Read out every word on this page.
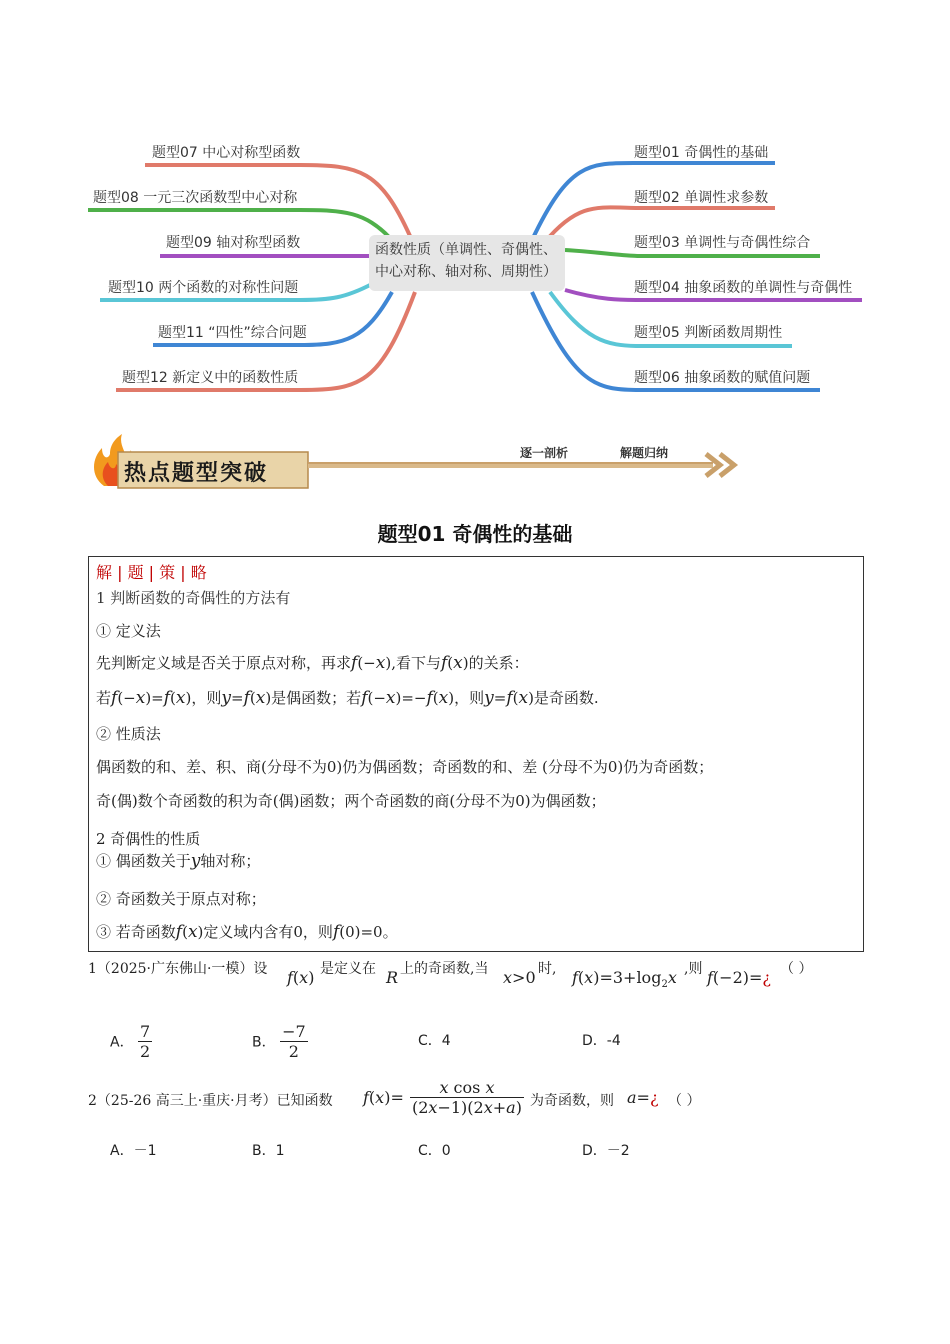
函数性质（单调性、奇偶性、中心对称、轴对称、周期性）
题型01 奇偶性的基础
题型02 单调性求参数
题型03 单调性与奇偶性综合
题型04 抽象函数的单调性与奇偶性
题型05 判断函数周期性
题型06 抽象函数的赋值问题
题型07 中心对称型函数
题型08 一元三次函数型中心对称
题型09 轴对称型函数
题型10 两个函数的对称性问题
题型11 “四性”综合问题
题型12 新定义中的函数性质
热点题型突破
逐一剖析	解题归纳
题型01 奇偶性的基础
解 | 题 | 策 | 略
1 判断函数的奇偶性的方法有
① 定义法
先判断定义域是否关于原点对称，再求f(−x),看下与f(x)的关系：
若f(−x)=f(x)，则y=f(x)是偶函数；若f(−x)=−f(x)，则y=f(x)是奇函数.
② 性质法
偶函数的和、差、积、商(分母不为0)仍为偶函数；奇函数的和、差 (分母不为0)仍为奇函数；
奇(偶)数个奇函数的积为奇(偶)函数；两个奇函数的商(分母不为0)为偶函数；
2 奇偶性的性质
① 偶函数关于y轴对称；
② 奇函数关于原点对称；
③ 若奇函数f(x)定义域内含有0，则f(0)=0。
1（2025·广东佛山·一模）设 f(x) 是定义在 R 上的奇函数,当 x>0 时, $f(x)=3+\log_2x$ ,则 f(−2)=¿ （ ）
A． $\frac{7}{2}$	B． $\frac{-7}{2}$	C．4	D．-4
2（25-26 高三上·重庆·月考）已知函数 $f(x)= \frac{\text{x cos x}}{(2x-1)(2x+a)}$ 为奇函数，则 a=¿ （ ）
A．－1	B．1	C．0	D．－2
